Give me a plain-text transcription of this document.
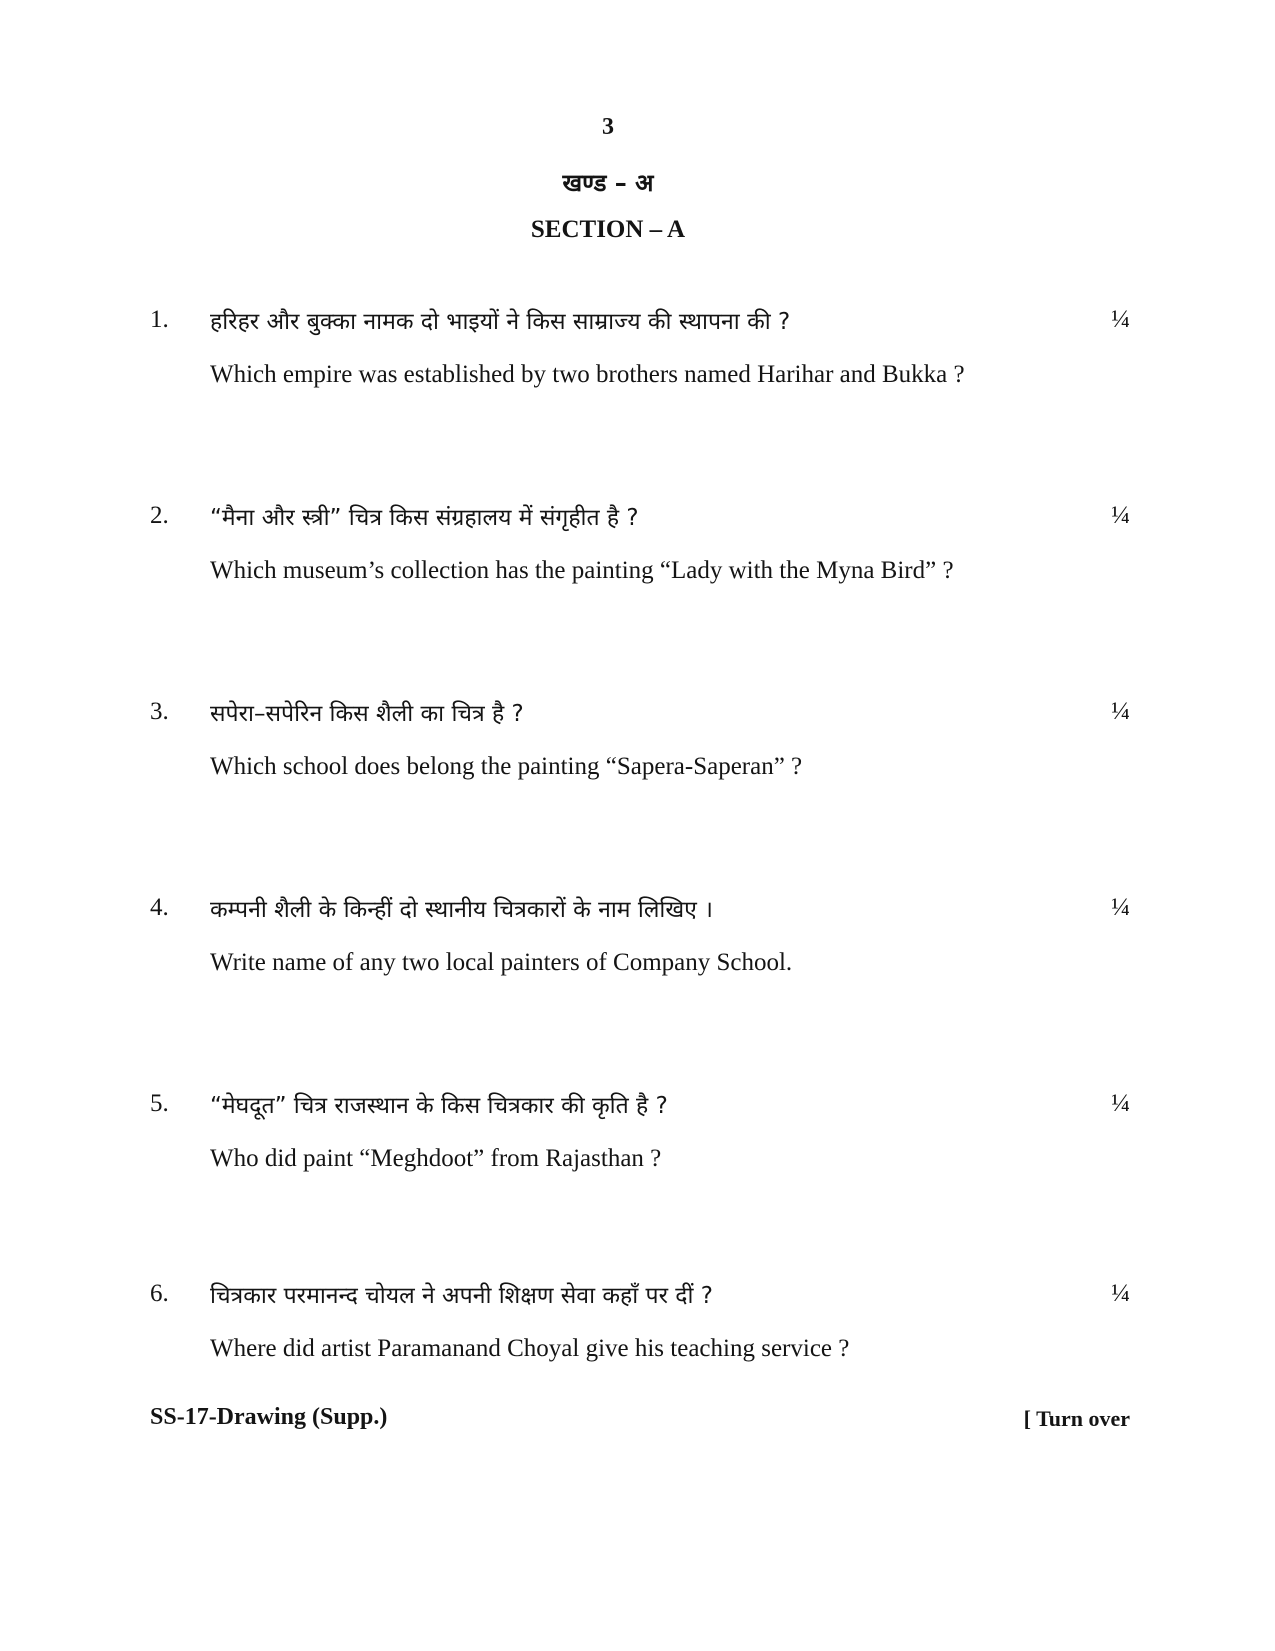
3
खण्ड – अ
SECTION – A
1. हरिहर और बुक्का नामक दो भाइयों ने किस साम्राज्य की स्थापना की ?
Which empire was established by two brothers named Harihar and Bukka ?
¼
2. “मैना और स्त्री” चित्र किस संग्रहालय में संगृहीत है ?
Which museum’s collection has the painting “Lady with the Myna Bird” ?
¼
3. सपेरा–सपेरिन किस शैली का चित्र है ?
Which school does belong the painting “Sapera-Saperan” ?
¼
4. कम्पनी शैली के किन्हीं दो स्थानीय चित्रकारों के नाम लिखिए ।
Write name of any two local painters of Company School.
¼
5. “मेघदूत” चित्र राजस्थान के किस चित्रकार की कृति है ?
Who did paint “Meghdoot” from Rajasthan ?
¼
6. चित्रकार परमानन्द चोयल ने अपनी शिक्षण सेवा कहाँ पर दीं ?
Where did artist Paramanand Choyal give his teaching service ?
¼
SS-17-Drawing (Supp.)	[ Turn over
